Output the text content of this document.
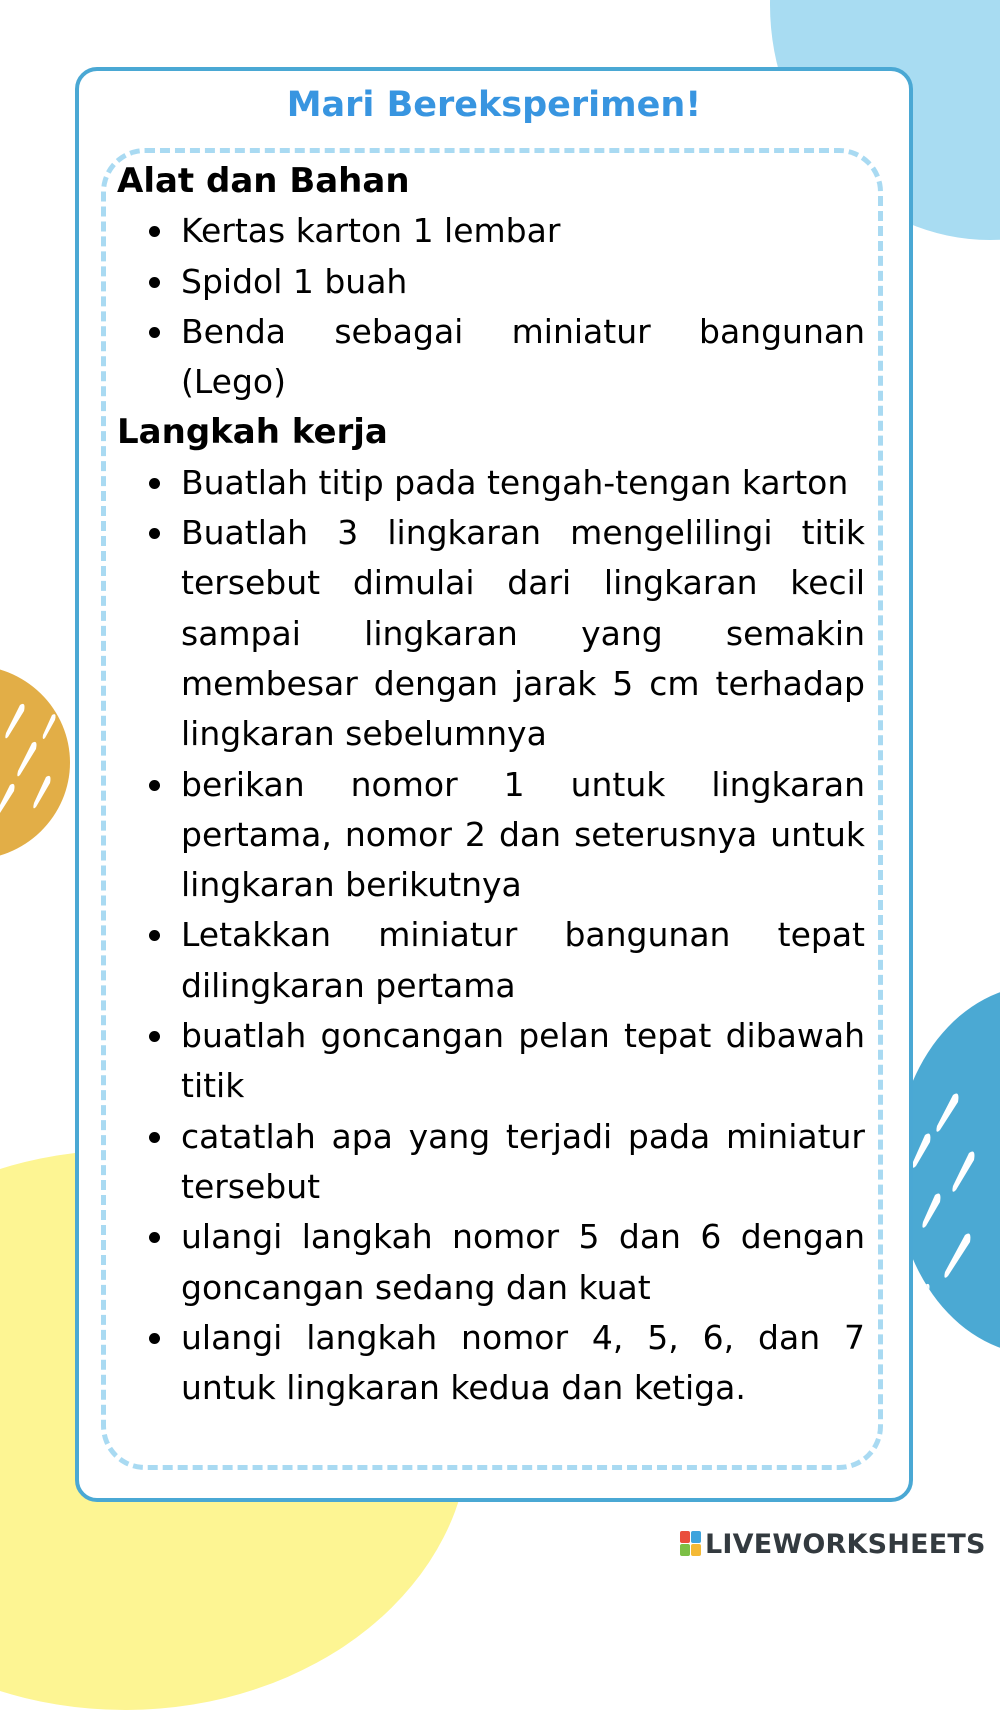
Mari Bereksperimen!
Alat dan Bahan
Kertas karton 1 lembar
Spidol 1 buah
Benda sebagai miniatur bangunan (Lego)
Langkah kerja
Buatlah titip pada tengah-tengan karton
Buatlah 3 lingkaran mengelilingi titik tersebut dimulai dari lingkaran kecil sampai lingkaran yang semakin membesar dengan jarak 5 cm terhadap lingkaran sebelumnya
berikan nomor 1 untuk lingkaran pertama, nomor 2 dan seterusnya untuk lingkaran berikutnya
Letakkan miniatur bangunan tepat dilingkaran pertama
buatlah goncangan pelan tepat dibawah titik
catatlah apa yang terjadi pada miniatur tersebut
ulangi langkah nomor 5 dan 6 dengan goncangan sedang dan kuat
ulangi langkah nomor 4, 5, 6, dan 7 untuk lingkaran kedua dan ketiga.
LIVEWORKSHEETS
